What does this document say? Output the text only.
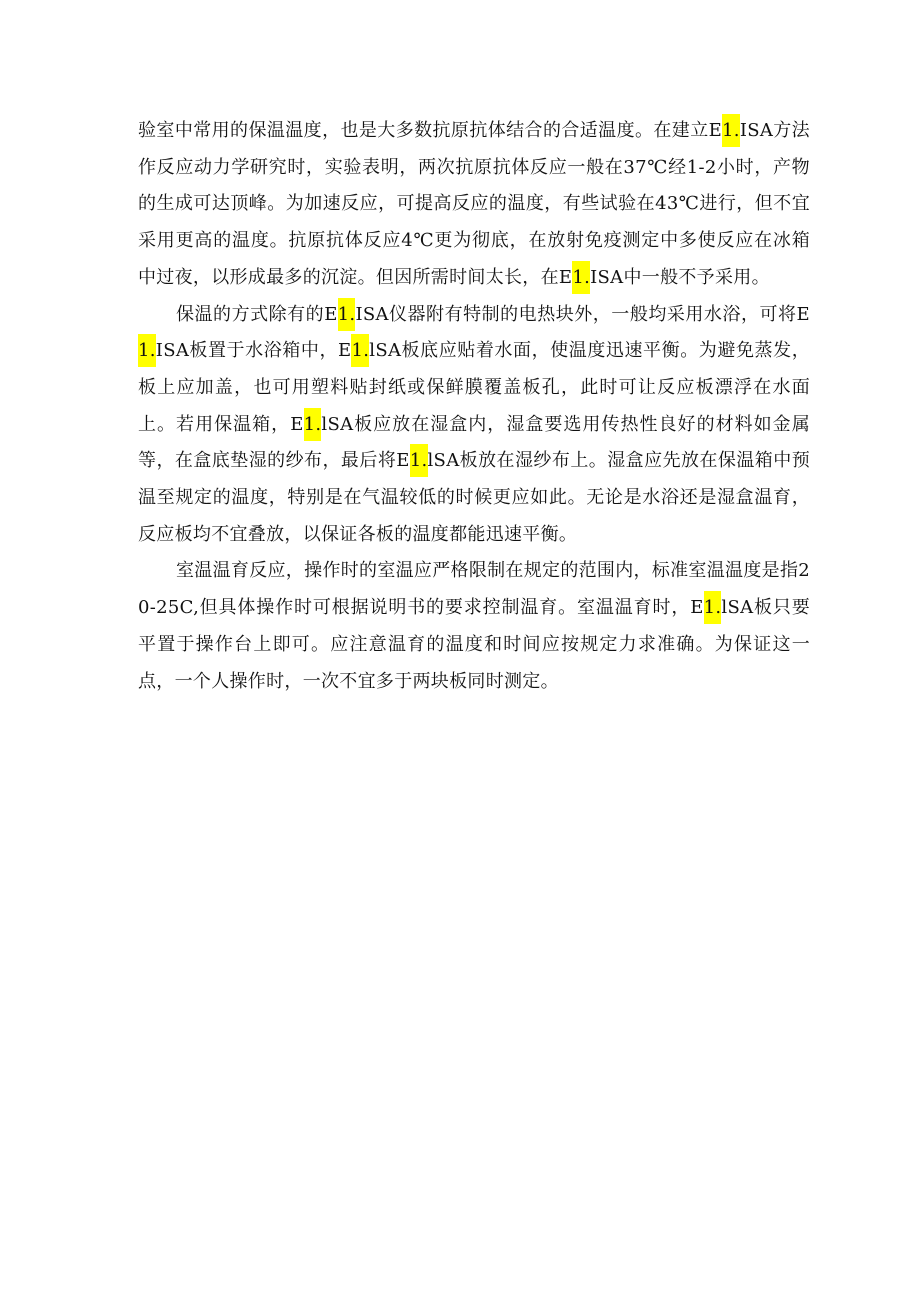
验室中常用的保温温度，也是大多数抗原抗体结合的合适温度。在建立E1.ISA方法作反应动力学研究时，实验表明，两次抗原抗体反应一般在37℃经1-2小时，产物的生成可达顶峰。为加速反应，可提高反应的温度，有些试验在43℃进行，但不宜采用更高的温度。抗原抗体反应4℃更为彻底，在放射免疫测定中多使反应在冰箱中过夜，以形成最多的沉淀。但因所需时间太长，在E1.ISA中一般不予采用。

保温的方式除有的E1.ISA仪器附有特制的电热块外，一般均采用水浴，可将E1.ISA板置于水浴箱中，E1.lSA板底应贴着水面，使温度迅速平衡。为避免蒸发，板上应加盖，也可用塑料贴封纸或保鲜膜覆盖板孔，此时可让反应板漂浮在水面上。若用保温箱，E1.lSA板应放在湿盒内，湿盒要选用传热性良好的材料如金属等，在盒底垫湿的纱布，最后将E1.lSA板放在湿纱布上。湿盒应先放在保温箱中预温至规定的温度，特别是在气温较低的时候更应如此。无论是水浴还是湿盒温育，反应板均不宜叠放，以保证各板的温度都能迅速平衡。

室温温育反应，操作时的室温应严格限制在规定的范围内，标准室温温度是指20-25C,但具体操作时可根据说明书的要求控制温育。室温温育时，E1.lSA板只要平置于操作台上即可。应注意温育的温度和时间应按规定力求准确。为保证这一点，一个人操作时，一次不宜多于两块板同时测定。
